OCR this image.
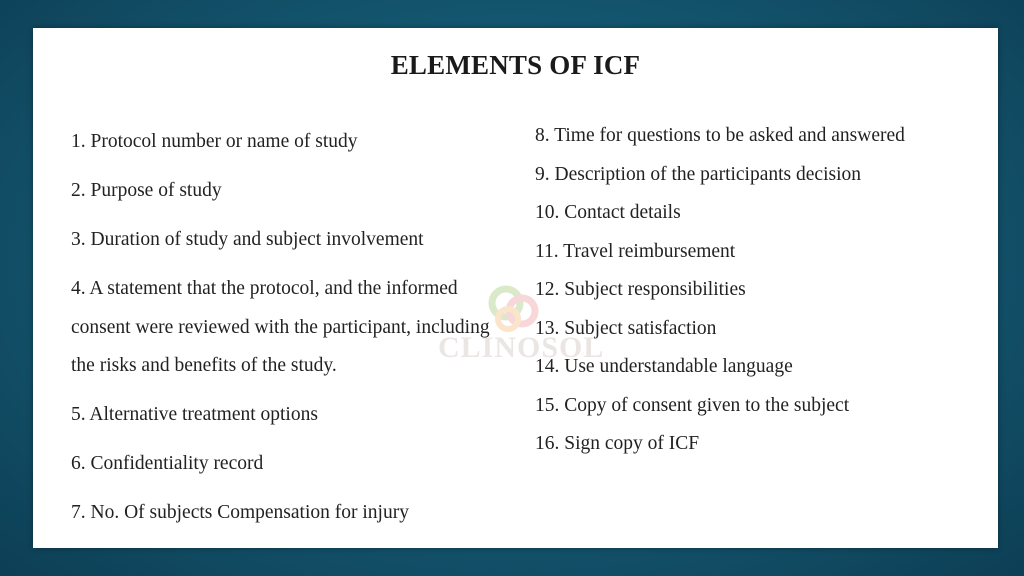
ELEMENTS OF ICF
CLINOSOL
1. Protocol number or name of study
2. Purpose of study
3. Duration of study and subject involvement
4. A statement that the protocol, and the informed consent were reviewed with the participant, including the risks and benefits of the study.
5. Alternative treatment options
6. Confidentiality record
7. No. Of subjects Compensation for injury
8. Time for questions to be asked and answered
9. Description of the participants decision
10. Contact details
11. Travel reimbursement
12. Subject responsibilities
13. Subject satisfaction
14. Use understandable language
15. Copy of consent given to the subject
16. Sign copy of ICF
